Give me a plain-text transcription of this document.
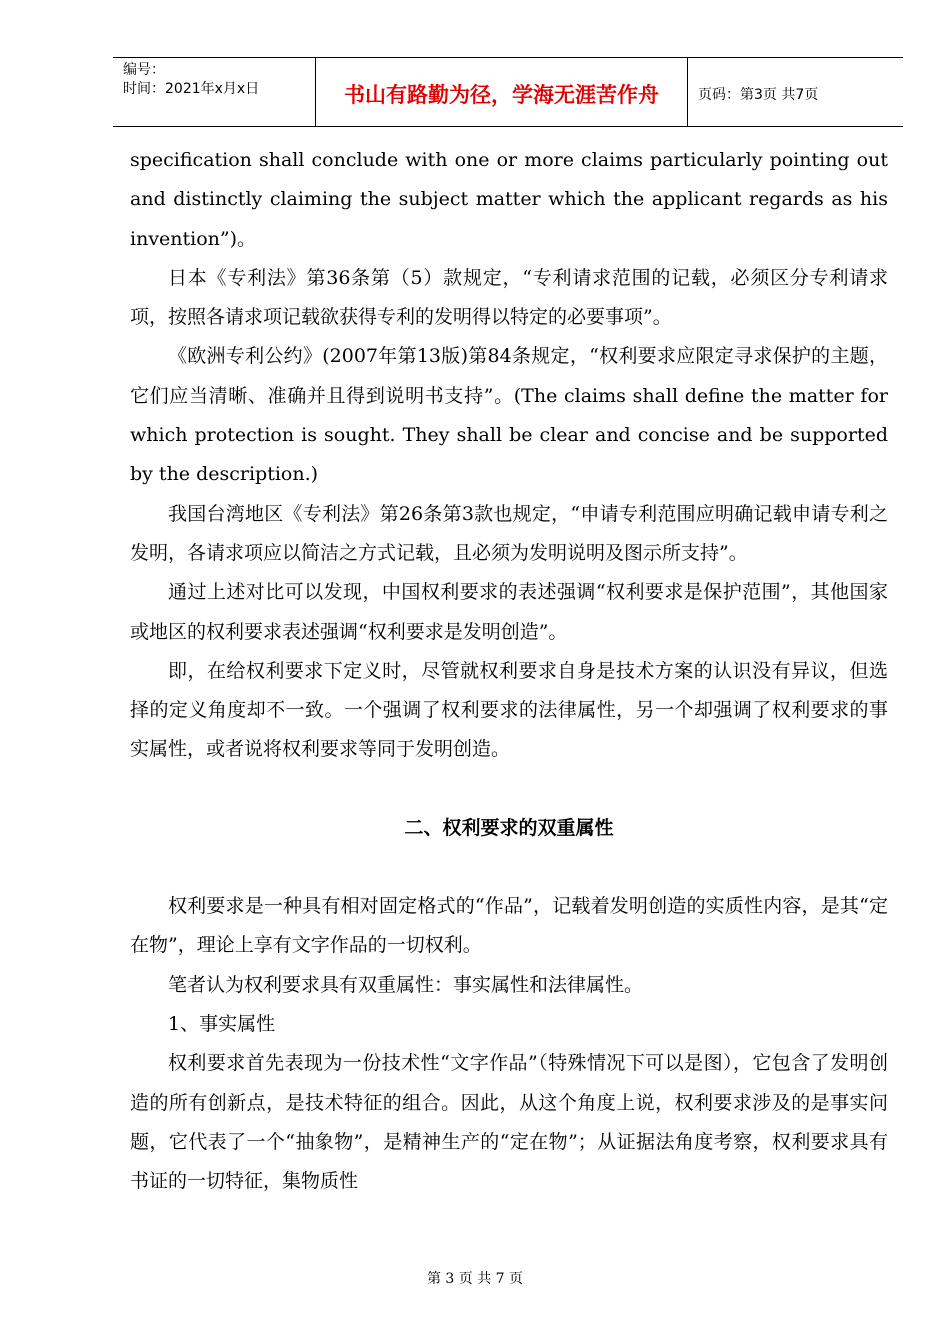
编号：
时间：2021年x月x日	书山有路勤为径，学海无涯苦作舟	页码：第3页 共7页

specification shall conclude with one or more claims particularly pointing out and distinctly claiming the subject matter which the applicant regards as his invention”)。

日本《专利法》第36条第（5）款规定，“专利请求范围的记载，必须区分专利请求项，按照各请求项记载欲获得专利的发明得以特定的必要事项”。

《欧洲专利公约》(2007年第13版)第84条规定，“权利要求应限定寻求保护的主题，它们应当清晰、准确并且得到说明书支持”。(The claims shall define the matter for which protection is sought. They shall be clear and concise and be supported by the description.)

我国台湾地区《专利法》第26条第3款也规定，“申请专利范围应明确记载申请专利之发明，各请求项应以简洁之方式记载，且必须为发明说明及图示所支持”。

通过上述对比可以发现，中国权利要求的表述强调“权利要求是保护范围”，其他国家或地区的权利要求表述强调“权利要求是发明创造”。

即，在给权利要求下定义时，尽管就权利要求自身是技术方案的认识没有异议，但选择的定义角度却不一致。一个强调了权利要求的法律属性，另一个却强调了权利要求的事实属性，或者说将权利要求等同于发明创造。

二、权利要求的双重属性

权利要求是一种具有相对固定格式的“作品”，记载着发明创造的实质性内容，是其“定在物”，理论上享有文字作品的一切权利。

笔者认为权利要求具有双重属性：事实属性和法律属性。

1、事实属性

权利要求首先表现为一份技术性“文字作品”（特殊情况下可以是图），它包含了发明创造的所有创新点，是技术特征的组合。因此，从这个角度上说，权利要求涉及的是事实问题，它代表了一个“抽象物”，是精神生产的“定在物”；从证据法角度考察，权利要求具有书证的一切特征，集物质性

第 3 页 共 7 页
